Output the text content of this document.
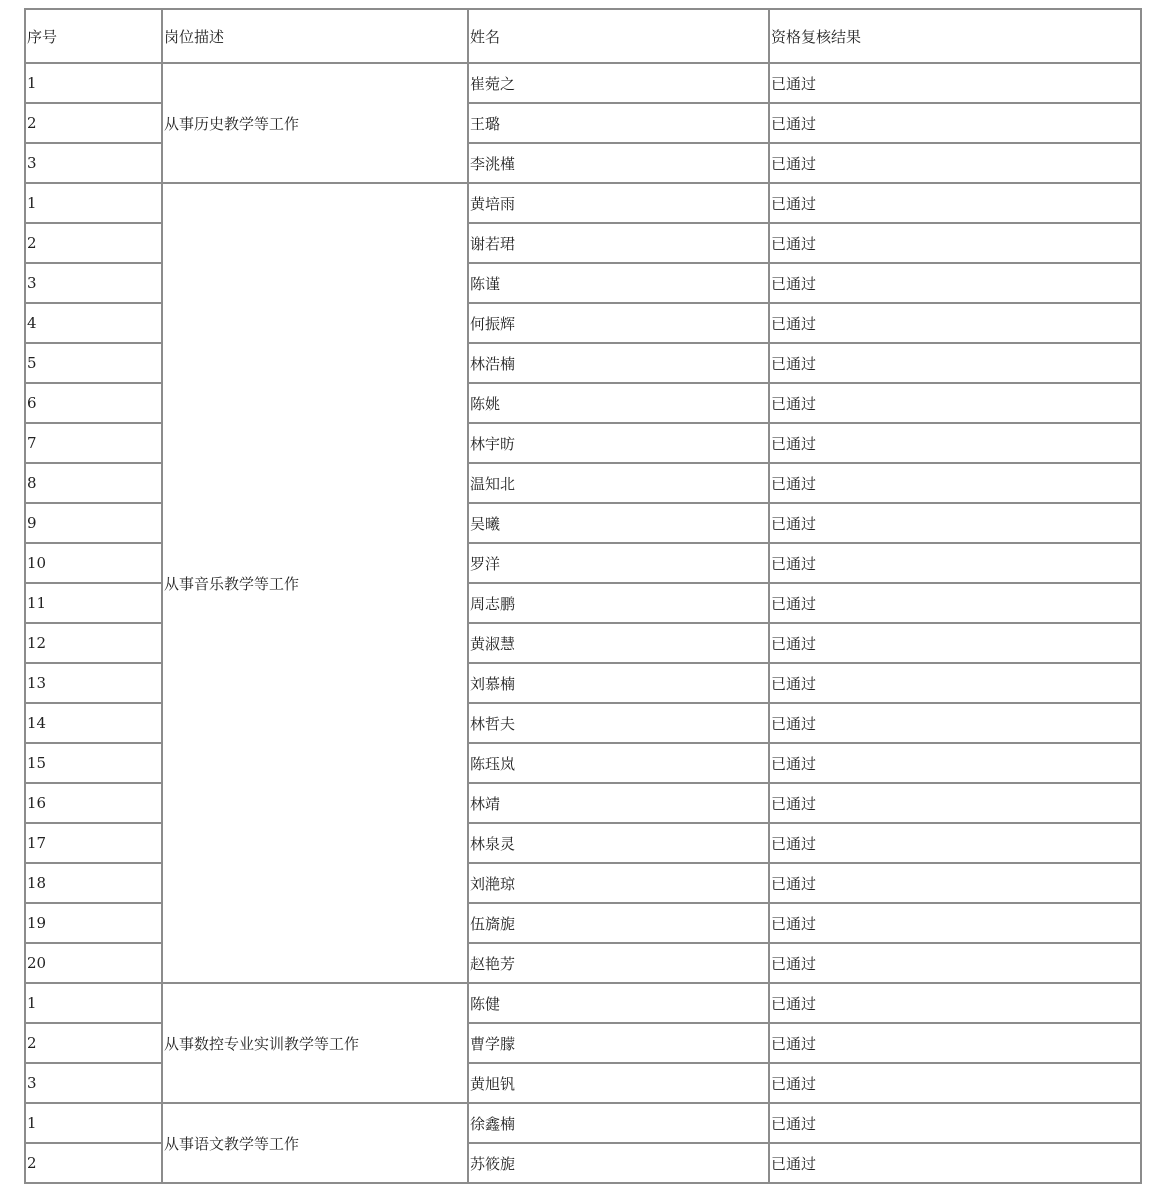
序号	岗位描述	姓名	资格复核结果
1	从事历史教学等工作	崔菀之	已通过
2		王璐	已通过
3		李洮槿	已通过
1	从事音乐教学等工作	黄培雨	已通过
2		谢若珺	已通过
3		陈谨	已通过
4		何振辉	已通过
5		林浩楠	已通过
6		陈姚	已通过
7		林宇昉	已通过
8		温知北	已通过
9		吴曦	已通过
10		罗洋	已通过
11		周志鹏	已通过
12		黄淑慧	已通过
13		刘慕楠	已通过
14		林哲夫	已通过
15		陈珏岚	已通过
16		林靖	已通过
17		林泉灵	已通过
18		刘滟琼	已通过
19		伍旖旎	已通过
20		赵艳芳	已通过
1	从事数控专业实训教学等工作	陈健	已通过
2		曹学朦	已通过
3		黄旭钒	已通过
1	从事语文教学等工作	徐鑫楠	已通过
2		苏筱旎	已通过
